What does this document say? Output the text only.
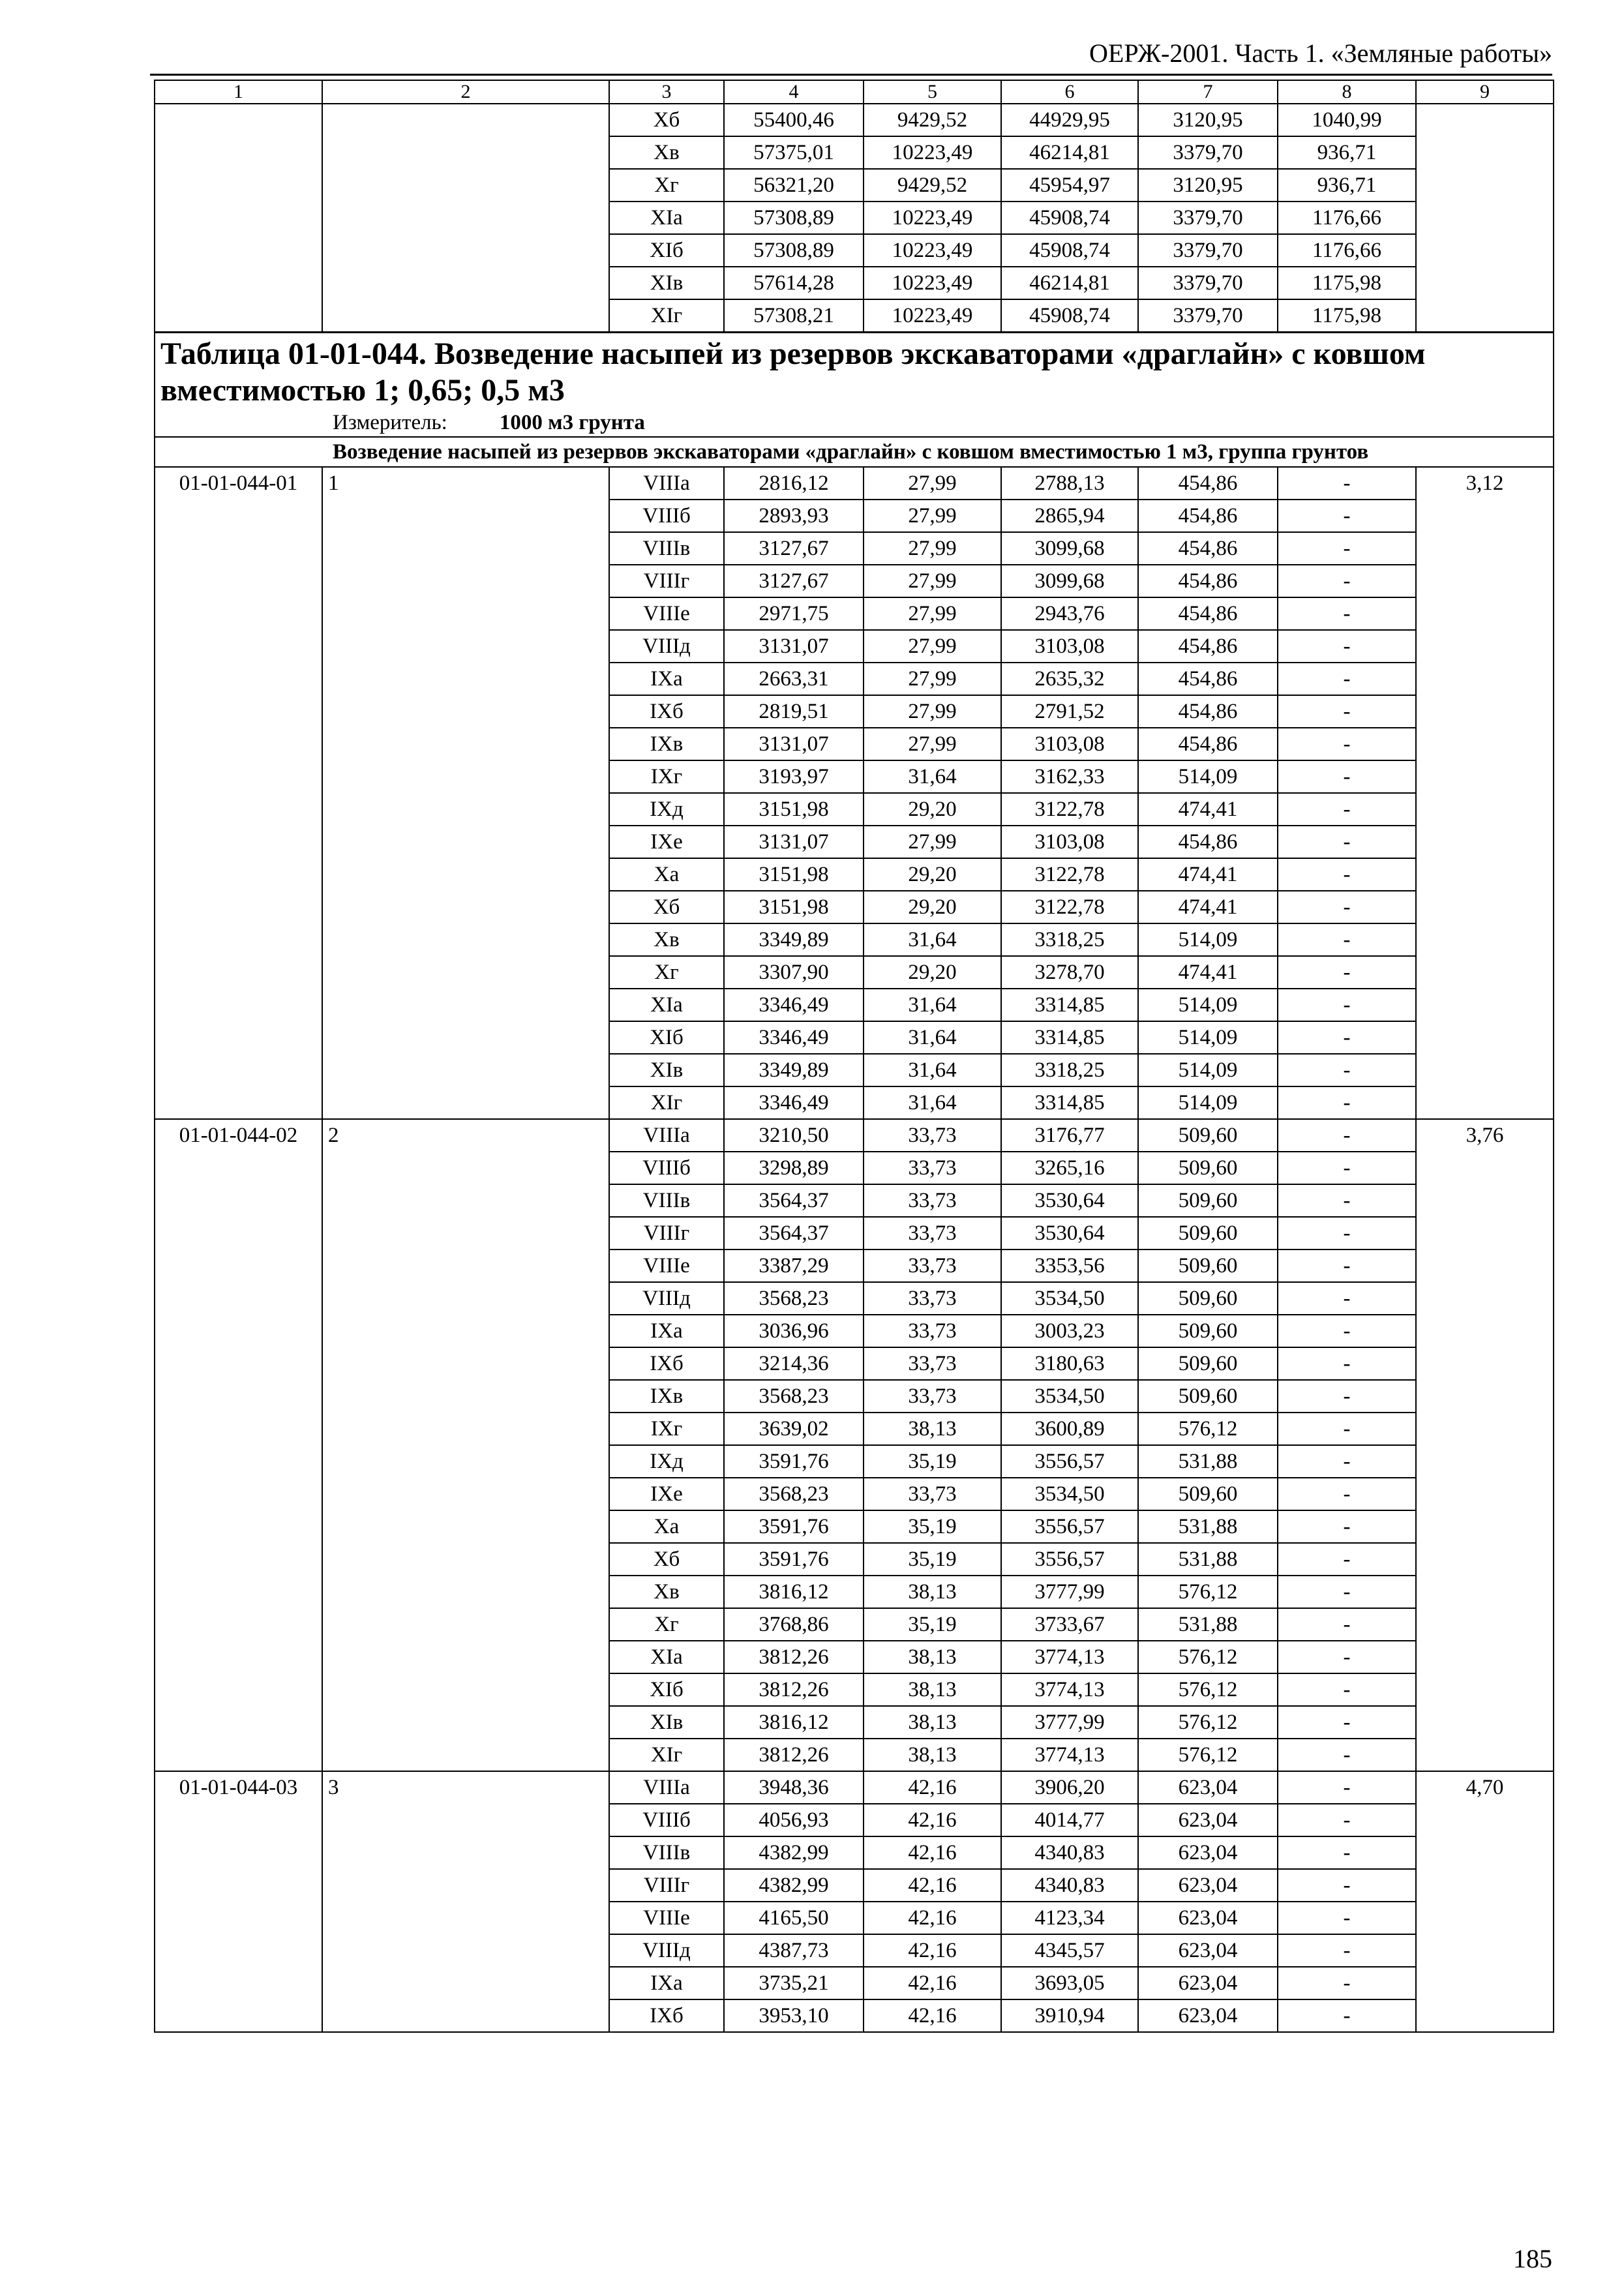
ОЕРЖ-2001. Часть 1. «Земляные работы»
1	2	3	4	5	6	7	8	9
		Xб	55400,46	9429,52	44929,95	3120,95	1040,99	
		Xв	57375,01	10223,49	46214,81	3379,70	936,71	
		Xг	56321,20	9429,52	45954,97	3120,95	936,71	
		XIa	57308,89	10223,49	45908,74	3379,70	1176,66	
		XIб	57308,89	10223,49	45908,74	3379,70	1176,66	
		XIв	57614,28	10223,49	46214,81	3379,70	1175,98	
		XIг	57308,21	10223,49	45908,74	3379,70	1175,98	

Таблица 01-01-044. Возведение насыпей из резервов экскаваторами «драглайн» с ковшом вместимостью 1; 0,65; 0,5 м3
Измеритель: 1000 м3 грунта								

Возведение насыпей из резервов экскаваторами «драглайн» с ковшом вместимостью 1 м3, группа грунтов								
01-01-044-01	1	VIIIa	2816,12	27,99	2788,13	454,86	-	3,12
		VIIIб	2893,93	27,99	2865,94	454,86	-	
		VIIIв	3127,67	27,99	3099,68	454,86	-	
		VIIIг	3127,67	27,99	3099,68	454,86	-	
		VIIIe	2971,75	27,99	2943,76	454,86	-	
		VIIIд	3131,07	27,99	3103,08	454,86	-	
		IXa	2663,31	27,99	2635,32	454,86	-	
		IXб	2819,51	27,99	2791,52	454,86	-	
		IXв	3131,07	27,99	3103,08	454,86	-	
		IXг	3193,97	31,64	3162,33	514,09	-	
		IXд	3151,98	29,20	3122,78	474,41	-	
		IXe	3131,07	27,99	3103,08	454,86	-	
		Xa	3151,98	29,20	3122,78	474,41	-	
		Xб	3151,98	29,20	3122,78	474,41	-	
		Xв	3349,89	31,64	3318,25	514,09	-	
		Xг	3307,90	29,20	3278,70	474,41	-	
		XIa	3346,49	31,64	3314,85	514,09	-	
		XIб	3346,49	31,64	3314,85	514,09	-	
		XIв	3349,89	31,64	3318,25	514,09	-	
		XIг	3346,49	31,64	3314,85	514,09	-	
01-01-044-02	2	VIIIa	3210,50	33,73	3176,77	509,60	-	3,76
		VIIIб	3298,89	33,73	3265,16	509,60	-	
		VIIIв	3564,37	33,73	3530,64	509,60	-	
		VIIIг	3564,37	33,73	3530,64	509,60	-	
		VIIIe	3387,29	33,73	3353,56	509,60	-	
		VIIIд	3568,23	33,73	3534,50	509,60	-	
		IXa	3036,96	33,73	3003,23	509,60	-	
		IXб	3214,36	33,73	3180,63	509,60	-	
		IXв	3568,23	33,73	3534,50	509,60	-	
		IXг	3639,02	38,13	3600,89	576,12	-	
		IXд	3591,76	35,19	3556,57	531,88	-	
		IXe	3568,23	33,73	3534,50	509,60	-	
		Xa	3591,76	35,19	3556,57	531,88	-	
		Xб	3591,76	35,19	3556,57	531,88	-	
		Xв	3816,12	38,13	3777,99	576,12	-	
		Xг	3768,86	35,19	3733,67	531,88	-	
		XIa	3812,26	38,13	3774,13	576,12	-	
		XIб	3812,26	38,13	3774,13	576,12	-	
		XIв	3816,12	38,13	3777,99	576,12	-	
		XIг	3812,26	38,13	3774,13	576,12	-	
01-01-044-03	3	VIIIa	3948,36	42,16	3906,20	623,04	-	4,70
		VIIIб	4056,93	42,16	4014,77	623,04	-	
		VIIIв	4382,99	42,16	4340,83	623,04	-	
		VIIIг	4382,99	42,16	4340,83	623,04	-	
		VIIIe	4165,50	42,16	4123,34	623,04	-	
		VIIIд	4387,73	42,16	4345,57	623,04	-	
		IXa	3735,21	42,16	3693,05	623,04	-	
		IXб	3953,10	42,16	3910,94	623,04	-	
185
